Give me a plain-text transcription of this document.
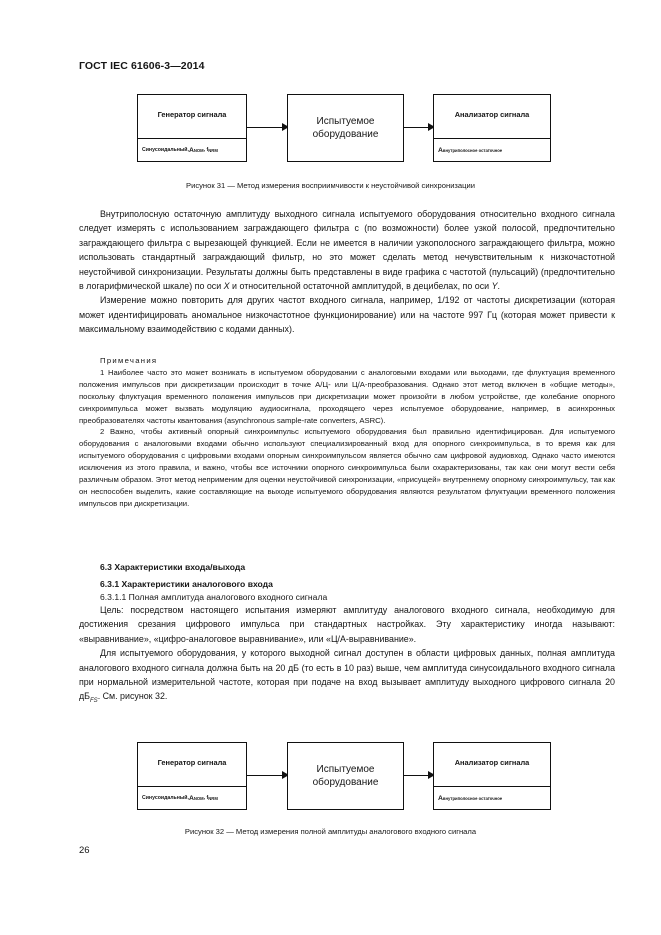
ГОСТ IEC 61606-3—2014
Генератор сигнала
Синусоидальный, A NOM , f NRM
Испытуемое оборудование
Анализатор сигнала
A внутриполосное остаточное
Рисунок 31 — Метод измерения восприимчивости к неустойчивой синхронизации

Внутриполосную остаточную амплитуду выходного сигнала испытуемого оборудования относительно входного сигнала следует измерять с использованием заграждающего фильтра с (по возможности) более узкой полосой, предпочтительно заграждающего фильтра с вырезающей функцией. Если не имеется в наличии узкополосного заграждающего фильтра, можно использовать стандартный заграждающий фильтр, но это может сделать метод нечувствительным к низкочастотной неустойчивой синхронизации. Результаты должны быть представлены в виде графика с частотой (пульсаций) (предпочтительно в логарифмической шкале) по оси X и относительной остаточной амплитудой, в децибелах, по оси Y.

Измерение можно повторить для других частот входного сигнала, например, 1/192 от частоты дискретизации (которая может идентифицировать аномальное низкочастотное функционирование) или на частоте 997 Гц (которая может привести к максимальному взаимодействию с кодами данных).

Примечания

1 Наиболее часто это может возникать в испытуемом оборудовании с аналоговыми входами или выходами, где флуктуация временного положения импульсов при дискретизации происходит в точке А/Ц- или Ц/А-преобразования. Однако этот метод включен в «общие методы», поскольку флуктуация временного положения импульсов при дискретизации может произойти в любом устройстве, где колебание опорного синхроимпульса может вызвать модуляцию аудиосигнала, проходящего через испытуемое оборудование, например, в асинхронных преобразователях частоты квантования (asynchronous sample-rate converters, ASRC).

2 Важно, чтобы активный опорный синхроимпульс испытуемого оборудования был правильно идентифицирован. Для испытуемого оборудования с аналоговыми входами обычно используют специализированный вход для опорного синхроимпульса, в то время как для испытуемого оборудования с цифровыми входами опорным синхроимпульсом является обычно сам цифровой аудиовход. Однако часто имеются исключения из этого правила, и важно, чтобы все источники опорного синхроимпульса были охарактеризованы, так как они могут вести себя различным образом. Этот метод неприменим для оценки неустойчивой синхронизации, «присущей» внутреннему опорному синхроимпульсу, так как он неспособен выделить, какие составляющие на выходе испытуемого оборудования являются результатом флуктуации временного положения импульсов при дискретизации.

6.3 Характеристики входа/выхода
6.3.1 Характеристики аналогового входа
6.3.1.1 Полная амплитуда аналогового входного сигнала

Цель: посредством настоящего испытания измеряют амплитуду аналогового входного сигнала, необходимую для достижения срезания цифрового импульса при стандартных настройках. Эту характеристику иногда называют: «выравнивание», «цифро-аналоговое выравнивание», или «Ц/А-выравнивание».

Для испытуемого оборудования, у которого выходной сигнал доступен в области цифровых данных, полная амплитуда аналогового входного сигнала должна быть на 20 дБ (то есть в 10 раз) выше, чем амплитуда синусоидального входного сигнала при нормальной измерительной частоте, которая при подаче на вход вызывает амплитуду выходного цифрового сигнала 20 $дБ_{FS}$. См. рисунок 32.

Генератор сигнала
Синусоидальный, A NOM , f NRM
Испытуемое оборудование
Анализатор сигнала
A внутриполосное остаточное
Рисунок 32 — Метод измерения полной амплитуды аналогового входного сигнала
26
